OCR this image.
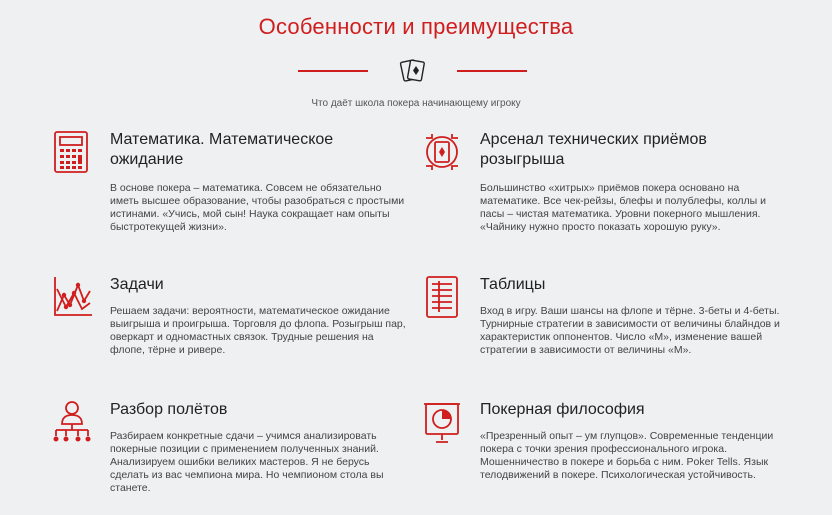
Особенности и преимущества
Что даёт школа покера начинающему игроку
Математика. Математическое ожидание

В основе покера – математика. Совсем не обязательно иметь высшее образование, чтобы разобраться с простыми истинами. «Учись, мой сын! Наука сокращает нам опыты быстротекущей жизни».

Арсенал технических приёмов розыгрыша

Большинство «хитрых» приёмов покера основано на математике. Все чек-рейзы, блефы и полублефы, коллы и пасы – чистая математика. Уровни покерного мышления. «Чайнику нужно просто показать хорошую руку».

Задачи

Решаем задачи: вероятности, математическое ожидание выигрыша и проигрыша. Торговля до флопа. Розыгрыш пар, оверкарт и одномастных связок. Трудные решения на флопе, тёрне и ривере.

Таблицы

Вход в игру. Ваши шансы на флопе и тёрне. 3-беты и 4-беты. Турнирные стратегии в зависимости от величины блайндов и характеристик оппонентов. Число «М», изменение вашей стратегии в зависимости от величины «М».

Разбор полётов

Разбираем конкретные сдачи – учимся анализировать покерные позиции с применением полученных знаний. Анализируем ошибки великих мастеров. Я не берусь сделать из вас чемпиона мира. Но чемпионом стола вы станете.

Покерная философия

«Презренный опыт – ум глупцов». Современные тенденции покера с точки зрения профессионального игрока. Мошенничество в покере и борьба с ним. Poker Tells. Язык телодвижений в покере. Психологическая устойчивость.
